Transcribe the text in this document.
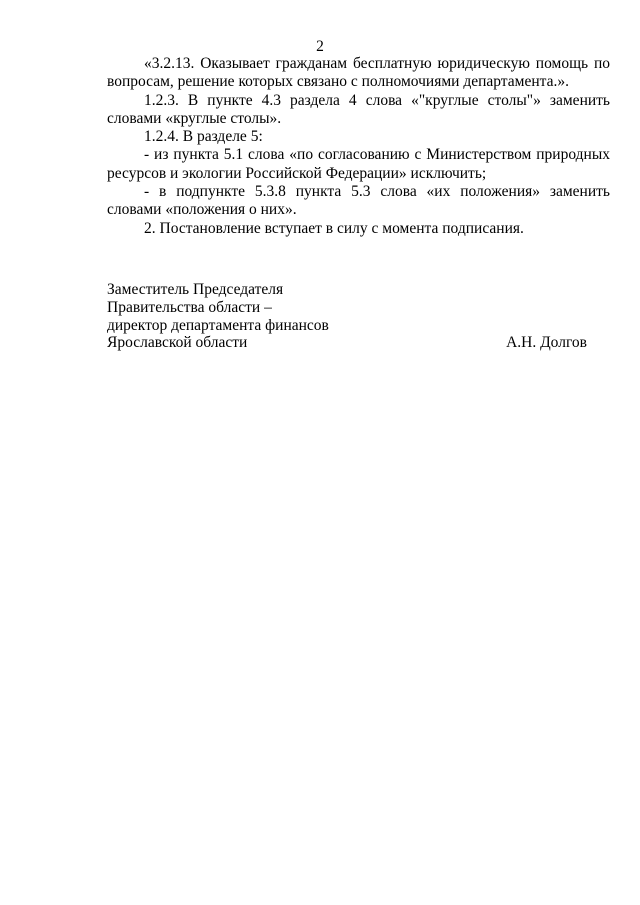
2

«3.2.13. Оказывает гражданам бесплатную юридическую помощь по вопросам, решение которых связано с полномочиями департамента.».

1.2.3. В пункте 4.3 раздела 4 слова «"круглые столы"» заменить словами «круглые столы».

1.2.4. В разделе 5:

- из пункта 5.1 слова «по согласованию с Министерством природных ресурсов и экологии Российской Федерации» исключить;

- в подпункте 5.3.8 пункта 5.3 слова «их положения» заменить словами «положения о них».

2. Постановление вступает в силу с момента подписания.

Заместитель Председателя

Правительства области –

директор департамента финансов

Ярославской области	А.Н. Долгов
